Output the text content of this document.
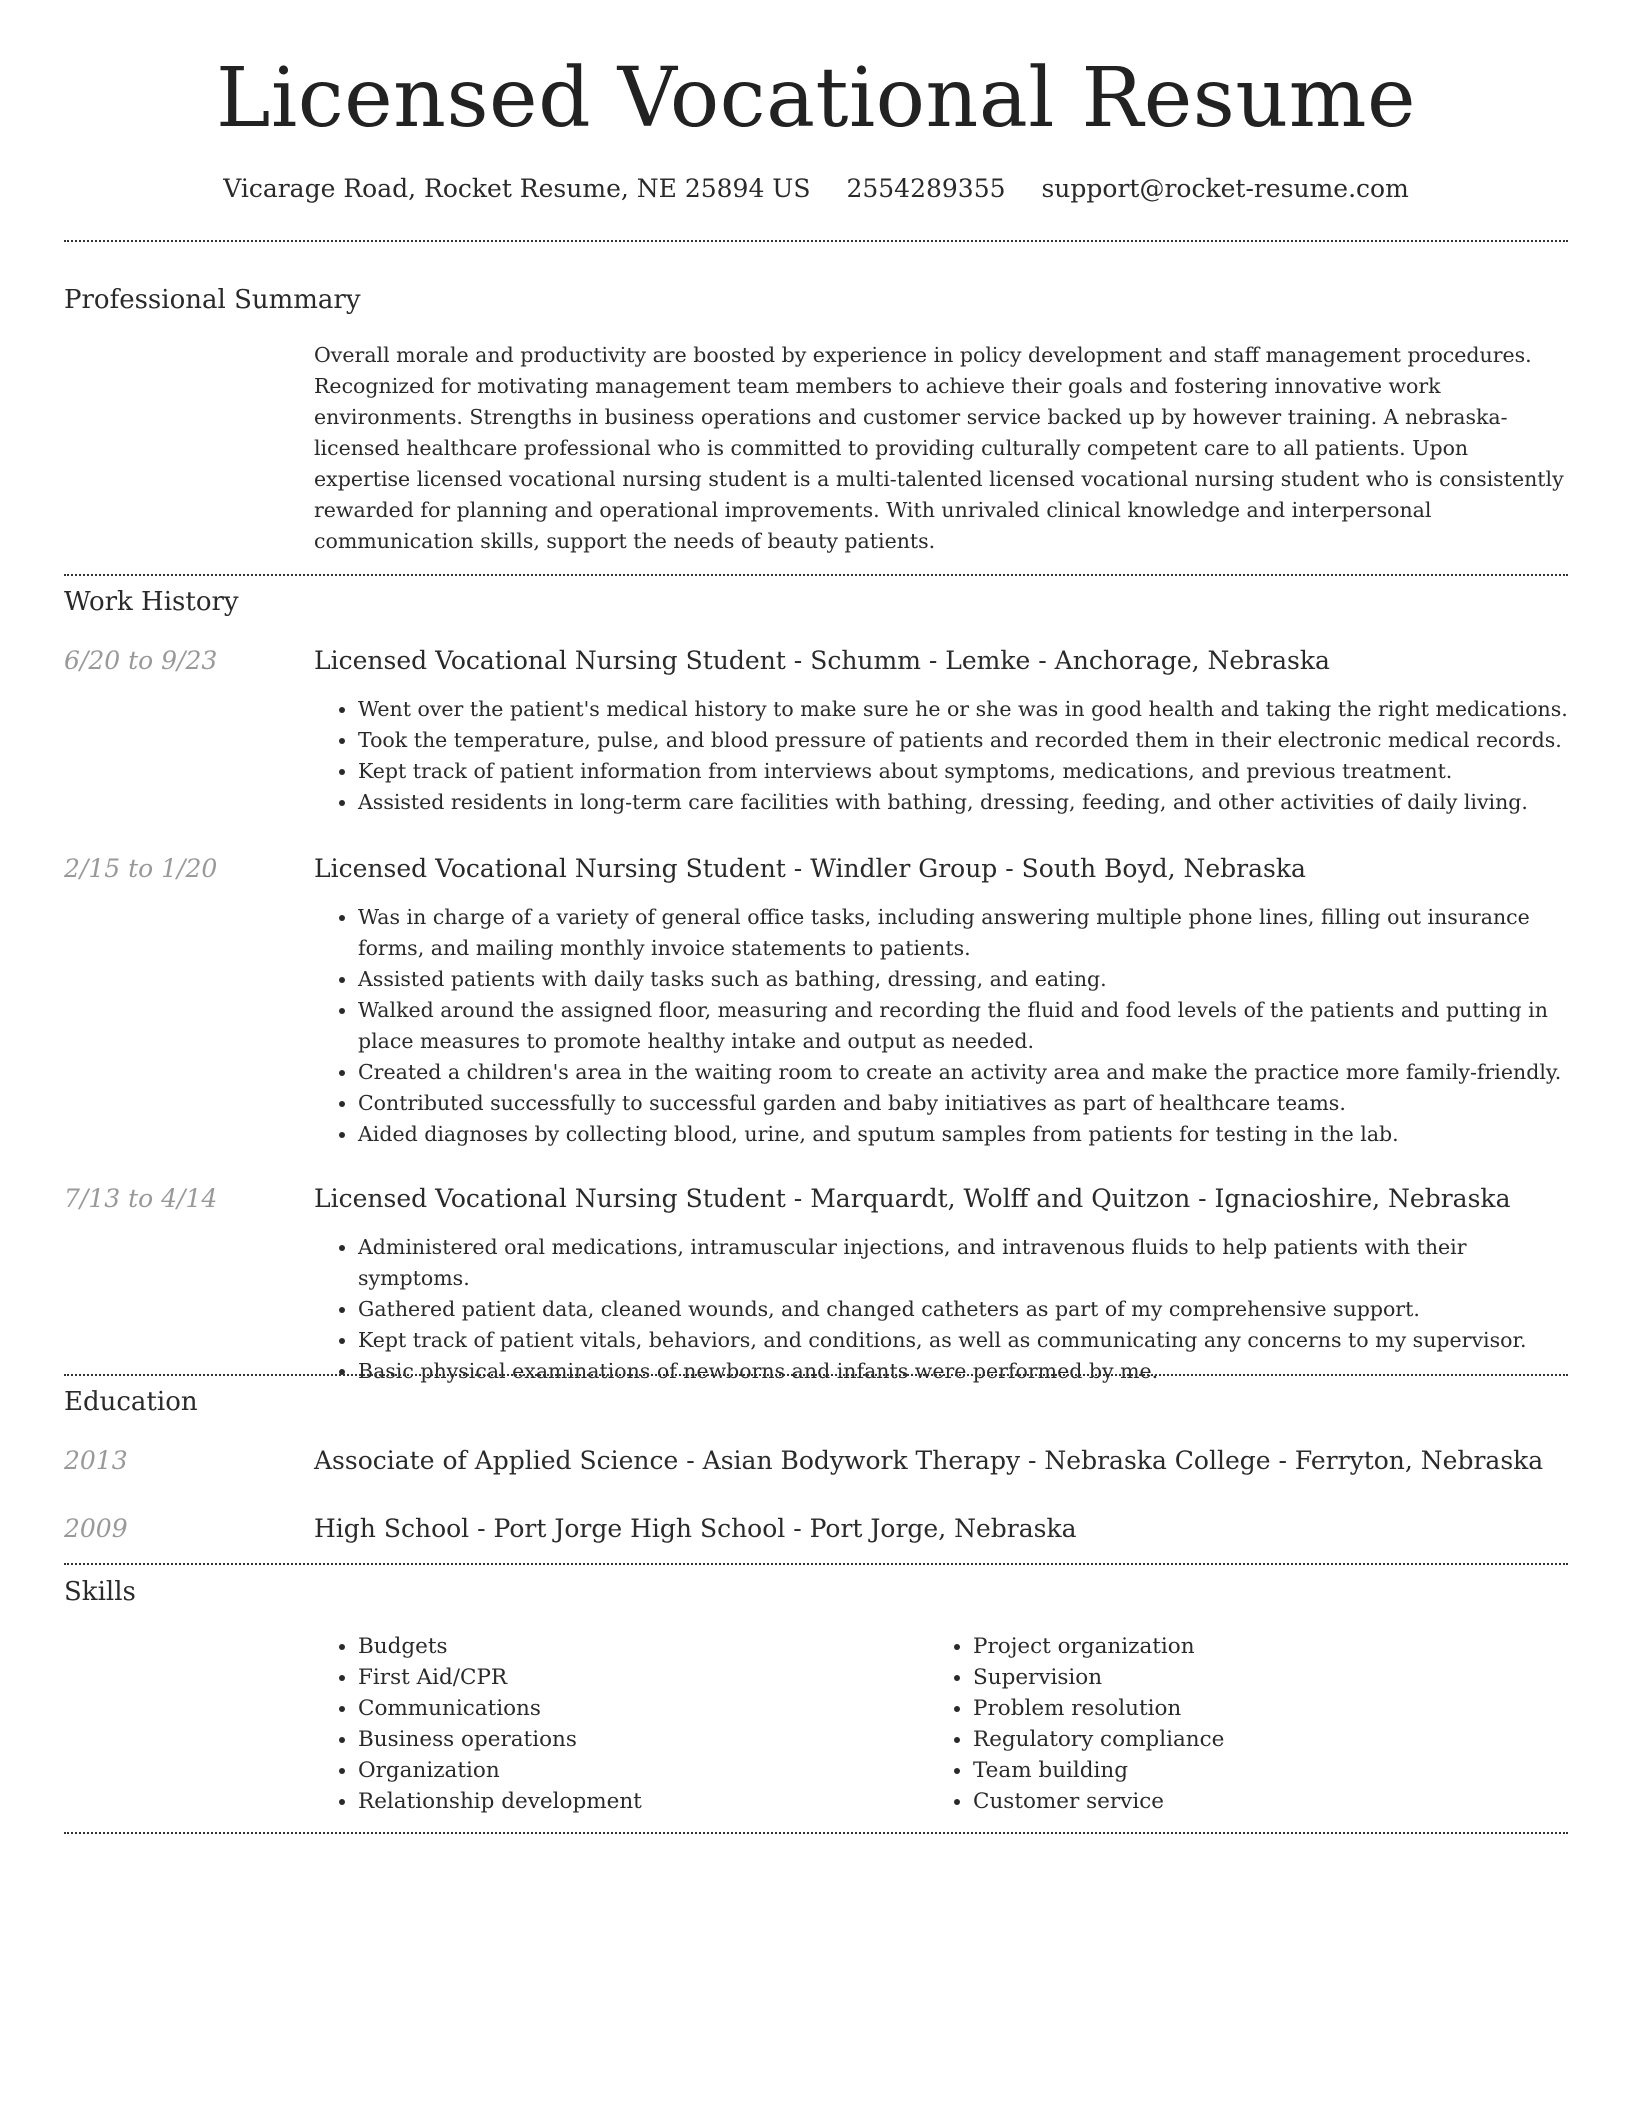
Licensed Vocational Resume
Vicarage Road, Rocket Resume, NE 25894 US 2554289355 support@rocket-resume.com
Professional Summary

Overall morale and productivity are boosted by experience in policy development and staff management procedures. Recognized for motivating management team members to achieve their goals and fostering innovative work environments. Strengths in business operations and customer service backed up by however training. A nebraska-licensed healthcare professional who is committed to providing culturally competent care to all patients. Upon expertise licensed vocational nursing student is a multi-talented licensed vocational nursing student who is consistently rewarded for planning and operational improvements. With unrivaled clinical knowledge and interpersonal communication skills, support the needs of beauty patients.

Work History
6/20 to 9/23	Licensed Vocational Nursing Student - Schumm - Lemke - Anchorage, Nebraska
• Went over the patient's medical history to make sure he or she was in good health and taking the right medications.
• Took the temperature, pulse, and blood pressure of patients and recorded them in their electronic medical records.
• Kept track of patient information from interviews about symptoms, medications, and previous treatment.
• Assisted residents in long-term care facilities with bathing, dressing, feeding, and other activities of daily living.
2/15 to 1/20	Licensed Vocational Nursing Student - Windler Group - South Boyd, Nebraska
• Was in charge of a variety of general office tasks, including answering multiple phone lines, filling out insurance forms, and mailing monthly invoice statements to patients.
• Assisted patients with daily tasks such as bathing, dressing, and eating.
• Walked around the assigned floor, measuring and recording the fluid and food levels of the patients and putting in place measures to promote healthy intake and output as needed.
• Created a children's area in the waiting room to create an activity area and make the practice more family-friendly.
• Contributed successfully to successful garden and baby initiatives as part of healthcare teams.
• Aided diagnoses by collecting blood, urine, and sputum samples from patients for testing in the lab.
7/13 to 4/14	Licensed Vocational Nursing Student - Marquardt, Wolff and Quitzon - Ignacioshire, Nebraska
• Administered oral medications, intramuscular injections, and intravenous fluids to help patients with their symptoms.
• Gathered patient data, cleaned wounds, and changed catheters as part of my comprehensive support.
• Kept track of patient vitals, behaviors, and conditions, as well as communicating any concerns to my supervisor.
• Basic physical examinations of newborns and infants were performed by me.
Education
2013	Associate of Applied Science - Asian Bodywork Therapy - Nebraska College - Ferryton, Nebraska
2009	High School - Port Jorge High School - Port Jorge, Nebraska
Skills
• Budgets
• First Aid/CPR
• Communications
• Business operations
• Organization
• Relationship development
• Project organization
• Supervision
• Problem resolution
• Regulatory compliance
• Team building
• Customer service
